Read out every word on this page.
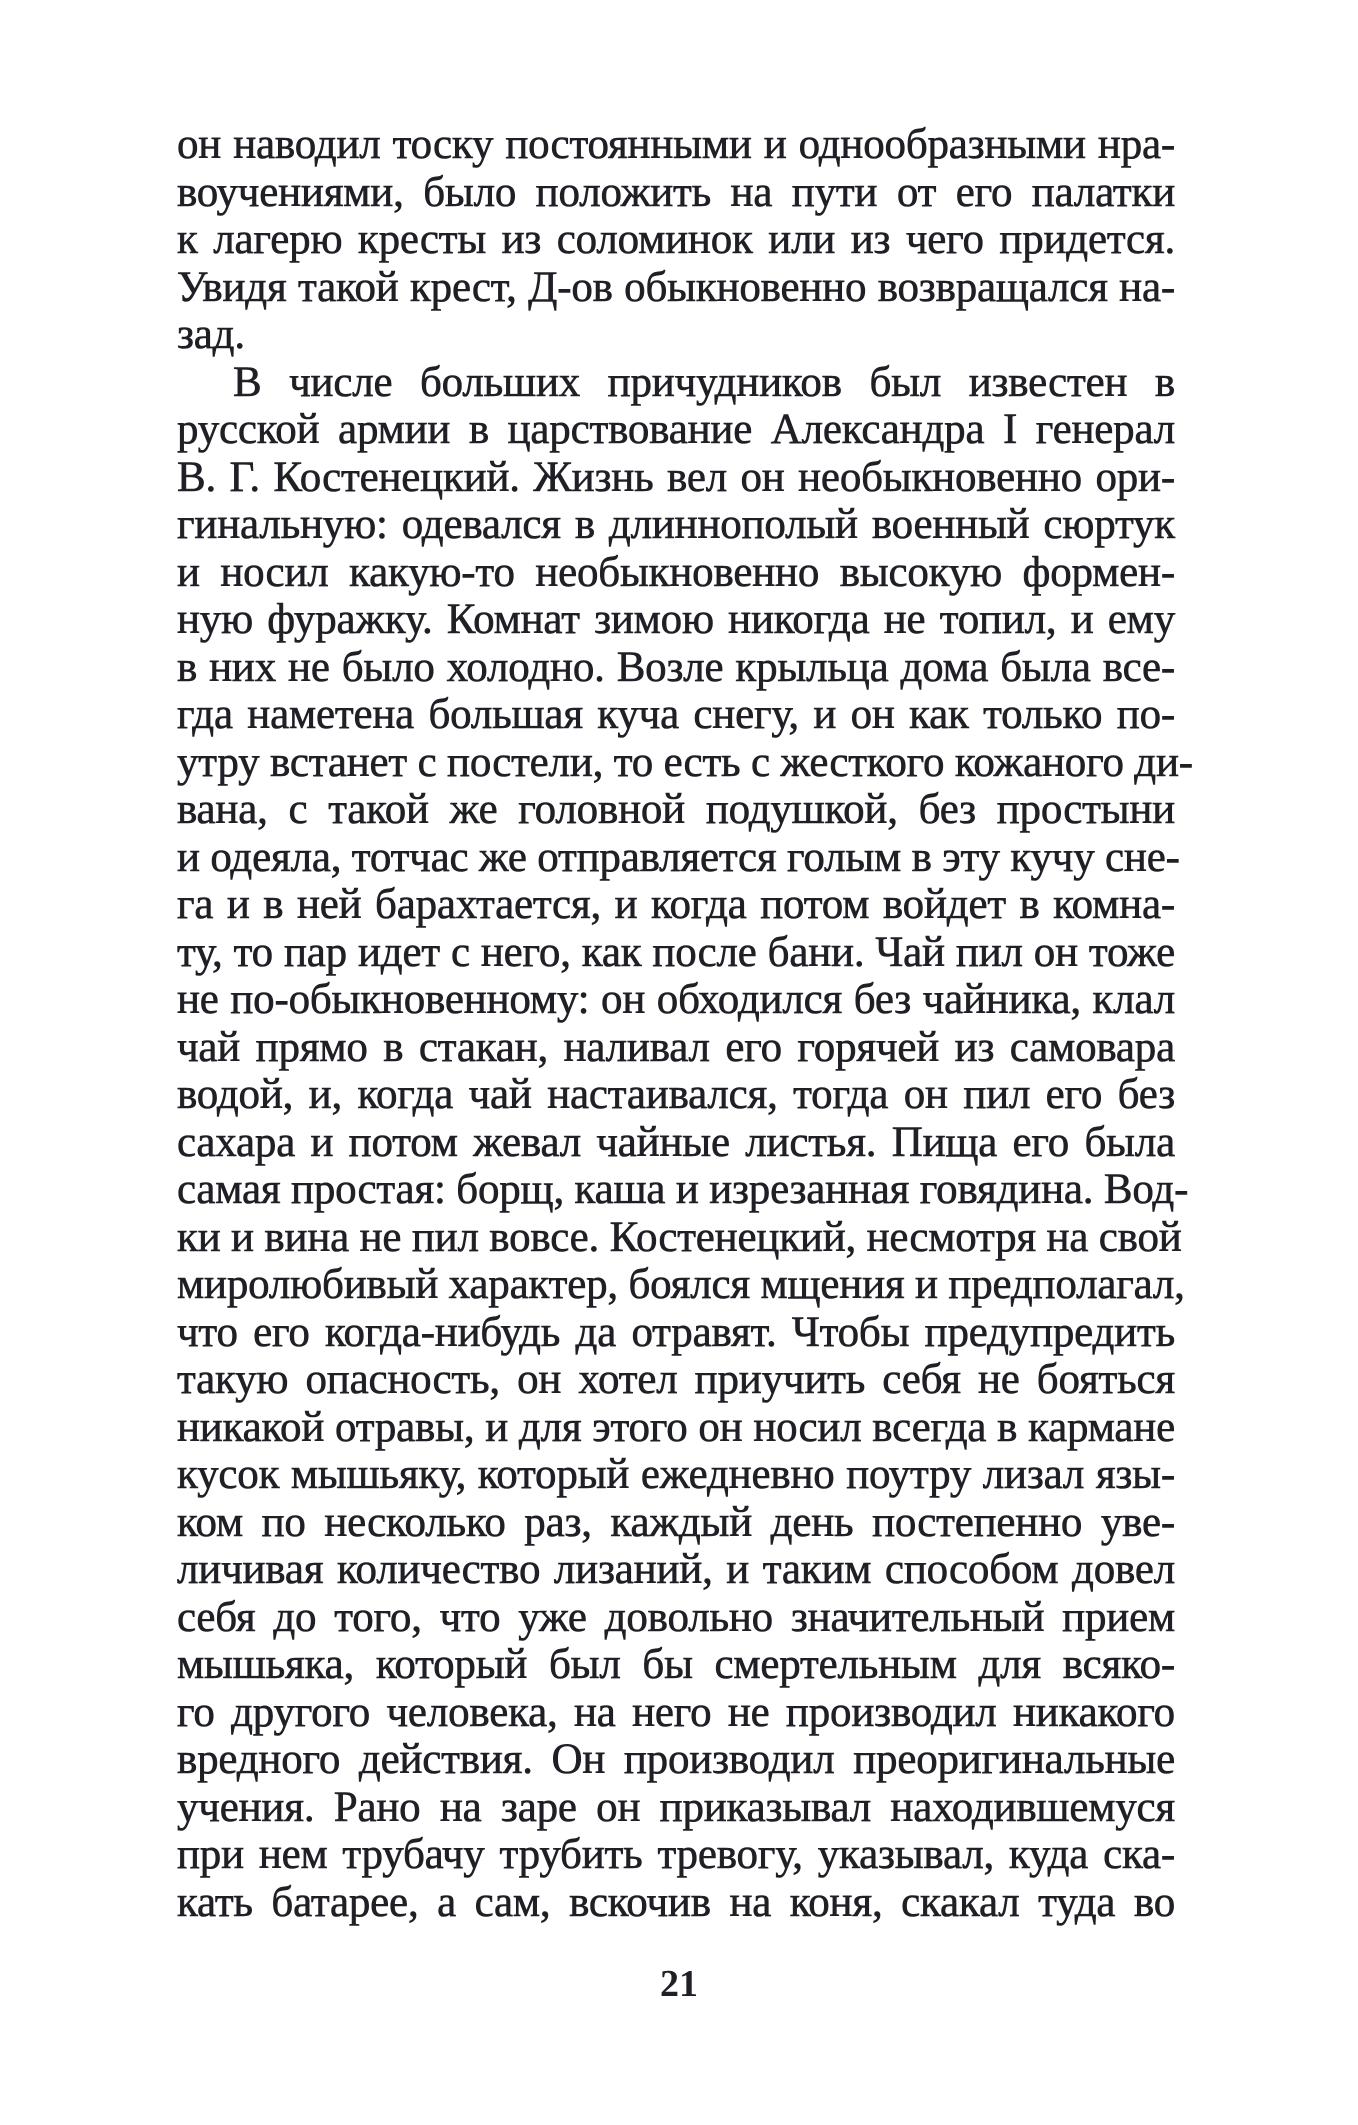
он наводил тоску постоянными и однообразными нра-
воучениями, было положить на пути от его палатки
к лагерю кресты из соломинок или из чего придется.
Увидя такой крест, Д-ов обыкновенно возвращался на-
зад.
В числе больших причудников был известен в
русской армии в царствование Александра I генерал
В. Г. Костенецкий. Жизнь вел он необыкновенно ори-
гинальную: одевался в длиннополый военный сюртук
и носил какую-то необыкновенно высокую формен-
ную фуражку. Комнат зимою никогда не топил, и ему
в них не было холодно. Возле крыльца дома была все-
гда наметена большая куча снегу, и он как только по-
утру встанет с постели, то есть с жесткого кожаного ди-
вана, с такой же головной подушкой, без простыни
и одеяла, тотчас же отправляется голым в эту кучу сне-
га и в ней барахтается, и когда потом войдет в комна-
ту, то пар идет с него, как после бани. Чай пил он тоже
не по-обыкновенному: он обходился без чайника, клал
чай прямо в стакан, наливал его горячей из самовара
водой, и, когда чай настаивался, тогда он пил его без
сахара и потом жевал чайные листья. Пища его была
самая простая: борщ, каша и изрезанная говядина. Вод-
ки и вина не пил вовсе. Костенецкий, несмотря на свой
миролюбивый характер, боялся мщения и предполагал,
что его когда-нибудь да отравят. Чтобы предупредить
такую опасность, он хотел приучить себя не бояться
никакой отравы, и для этого он носил всегда в кармане
кусок мышьяку, который ежедневно поутру лизал язы-
ком по несколько раз, каждый день постепенно уве-
личивая количество лизаний, и таким способом довел
себя до того, что уже довольно значительный прием
мышьяка, который был бы смертельным для всяко-
го другого человека, на него не производил никакого
вредного действия. Он производил преоригинальные
учения. Рано на заре он приказывал находившемуся
при нем трубачу трубить тревогу, указывал, куда ска-
кать батарее, а сам, вскочив на коня, скакал туда во
21
